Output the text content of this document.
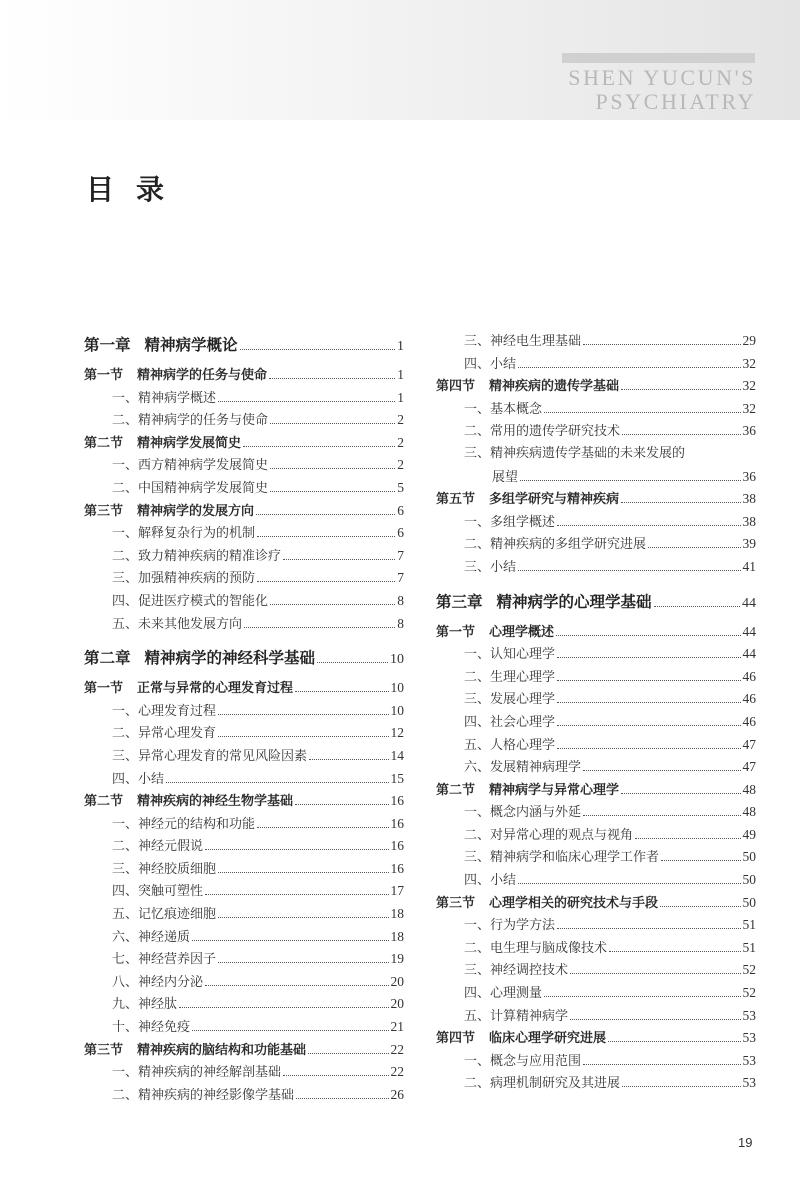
SHEN YUCUN'S
PSYCHIATRY
目录
第一章 精神病学概论	1
第一节 精神病学的任务与使命	1
一、精神病学概述	1
二、精神病学的任务与使命	2
第二节 精神病学发展简史	2
一、西方精神病学发展简史	2
二、中国精神病学发展简史	5
第三节 精神病学的发展方向	6
一、解释复杂行为的机制	6
二、致力精神疾病的精准诊疗	7
三、加强精神疾病的预防	7
四、促进医疗模式的智能化	8
五、未来其他发展方向	8
第二章 精神病学的神经科学基础	10
第一节 正常与异常的心理发育过程	10
一、心理发育过程	10
二、异常心理发育	12
三、异常心理发育的常见风险因素	14
四、小结	15
第二节 精神疾病的神经生物学基础	16
一、神经元的结构和功能	16
二、神经元假说	16
三、神经胶质细胞	16
四、突触可塑性	17
五、记忆痕迹细胞	18
六、神经递质	18
七、神经营养因子	19
八、神经内分泌	20
九、神经肽	20
十、神经免疫	21
第三节 精神疾病的脑结构和功能基础	22
一、精神疾病的神经解剖基础	22
二、精神疾病的神经影像学基础	26
三、神经电生理基础	29
四、小结	32
第四节 精神疾病的遗传学基础	32
一、基本概念	32
二、常用的遗传学研究技术	36
三、精神疾病遗传学基础的未来发展的
展望	36
第五节 多组学研究与精神疾病	38
一、多组学概述	38
二、精神疾病的多组学研究进展	39
三、小结	41
第三章 精神病学的心理学基础	44
第一节 心理学概述	44
一、认知心理学	44
二、生理心理学	46
三、发展心理学	46
四、社会心理学	46
五、人格心理学	47
六、发展精神病理学	47
第二节 精神病学与异常心理学	48
一、概念内涵与外延	48
二、对异常心理的观点与视角	49
三、精神病学和临床心理学工作者	50
四、小结	50
第三节 心理学相关的研究技术与手段	50
一、行为学方法	51
二、电生理与脑成像技术	51
三、神经调控技术	52
四、心理测量	52
五、计算精神病学	53
第四节 临床心理学研究进展	53
一、概念与应用范围	53
二、病理机制研究及其进展	53
19
